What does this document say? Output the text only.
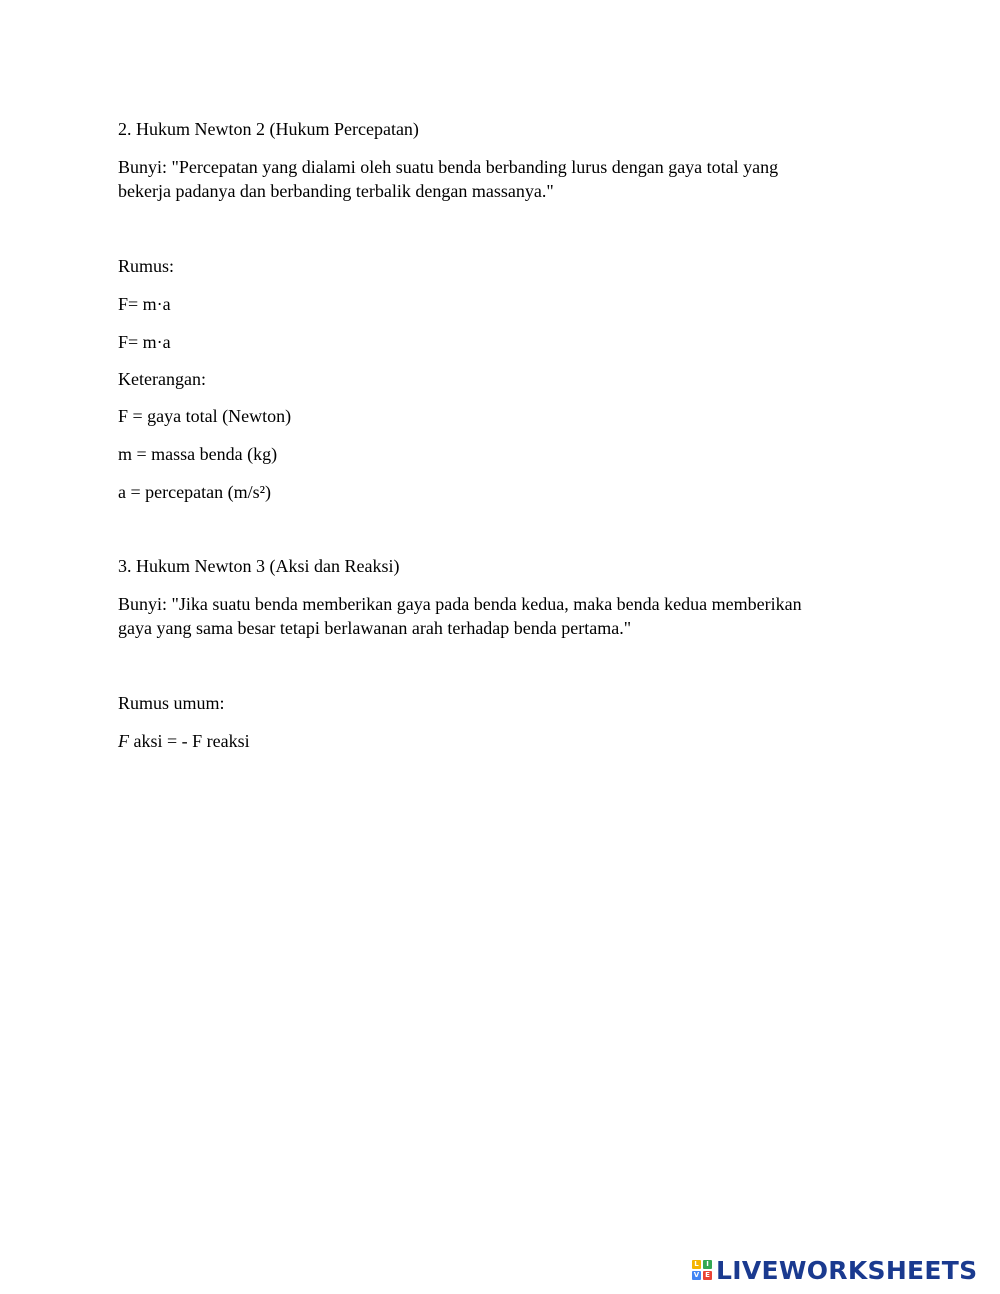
2. Hukum Newton 2 (Hukum Percepatan)
Bunyi: "Percepatan yang dialami oleh suatu benda berbanding lurus dengan gaya total yang
bekerja padanya dan berbanding terbalik dengan massanya."
Rumus:
F= m·a
F= m·a
Keterangan:
F = gaya total (Newton)
m = massa benda (kg)
a = percepatan (m/s²)
3. Hukum Newton 3 (Aksi dan Reaksi)
Bunyi: "Jika suatu benda memberikan gaya pada benda kedua, maka benda kedua memberikan
gaya yang sama besar tetapi berlawanan arah terhadap benda pertama."
Rumus umum:
F aksi = - F reaksi
L	I
V E LIVEWORKSHEETS
